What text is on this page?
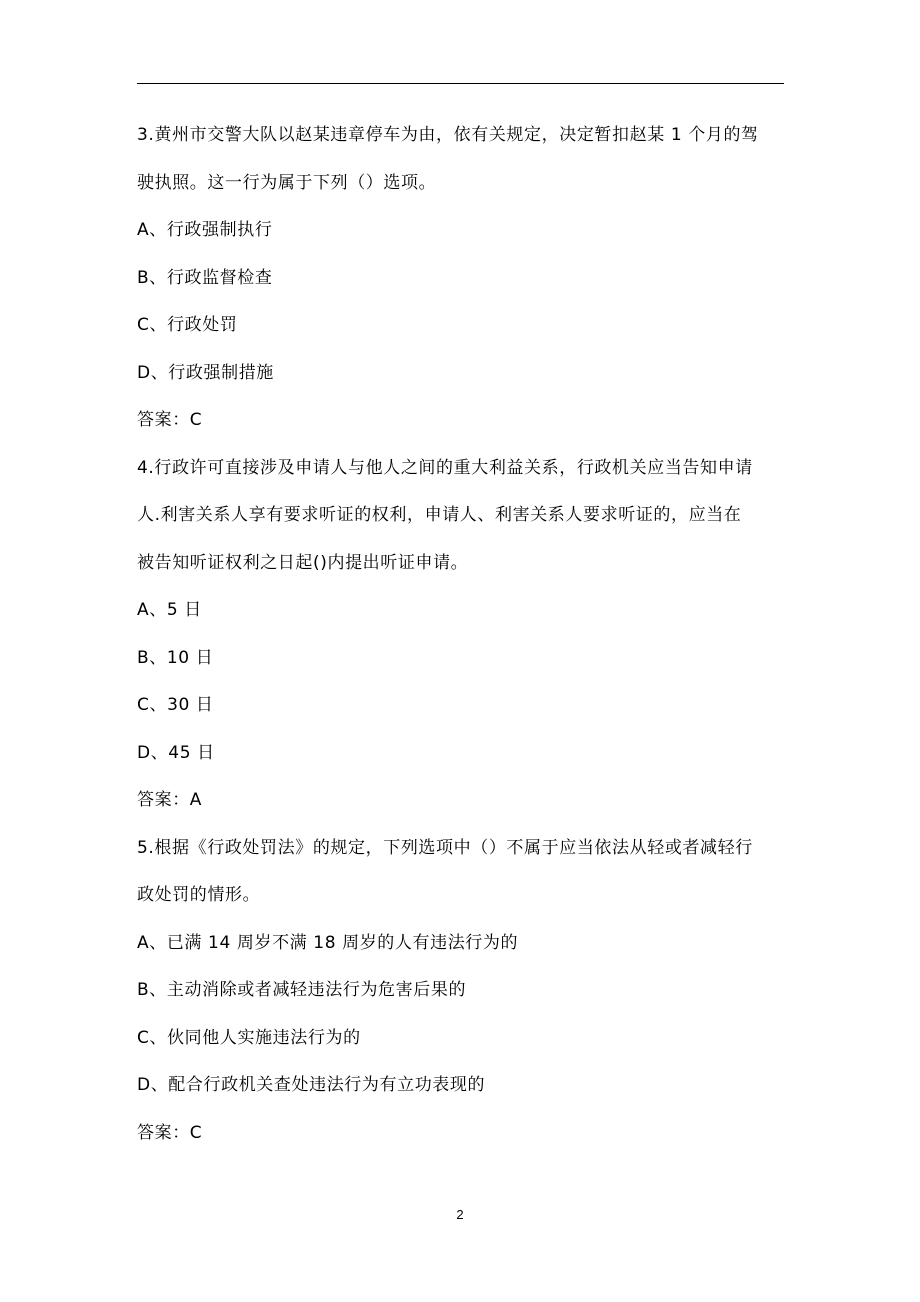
3.黄州市交警大队以赵某违章停车为由，依有关规定，决定暂扣赵某 1 个月的驾
驶执照。这一行为属于下列（）选项。
A、行政强制执行
B、行政监督检查
C、行政处罚
D、行政强制措施
答案：C
4.行政许可直接涉及申请人与他人之间的重大利益关系，行政机关应当告知申请
人.利害关系人享有要求听证的权利，申请人、利害关系人要求听证的，应当在
被告知听证权利之日起()内提出听证申请。
A、5 日
B、10 日
C、30 日
D、45 日
答案：A
5.根据《行政处罚法》的规定，下列选项中（）不属于应当依法从轻或者减轻行
政处罚的情形。
A、已满 14 周岁不满 18 周岁的人有违法行为的
B、主动消除或者减轻违法行为危害后果的
C、伙同他人实施违法行为的
D、配合行政机关查处违法行为有立功表现的
答案：C
2
